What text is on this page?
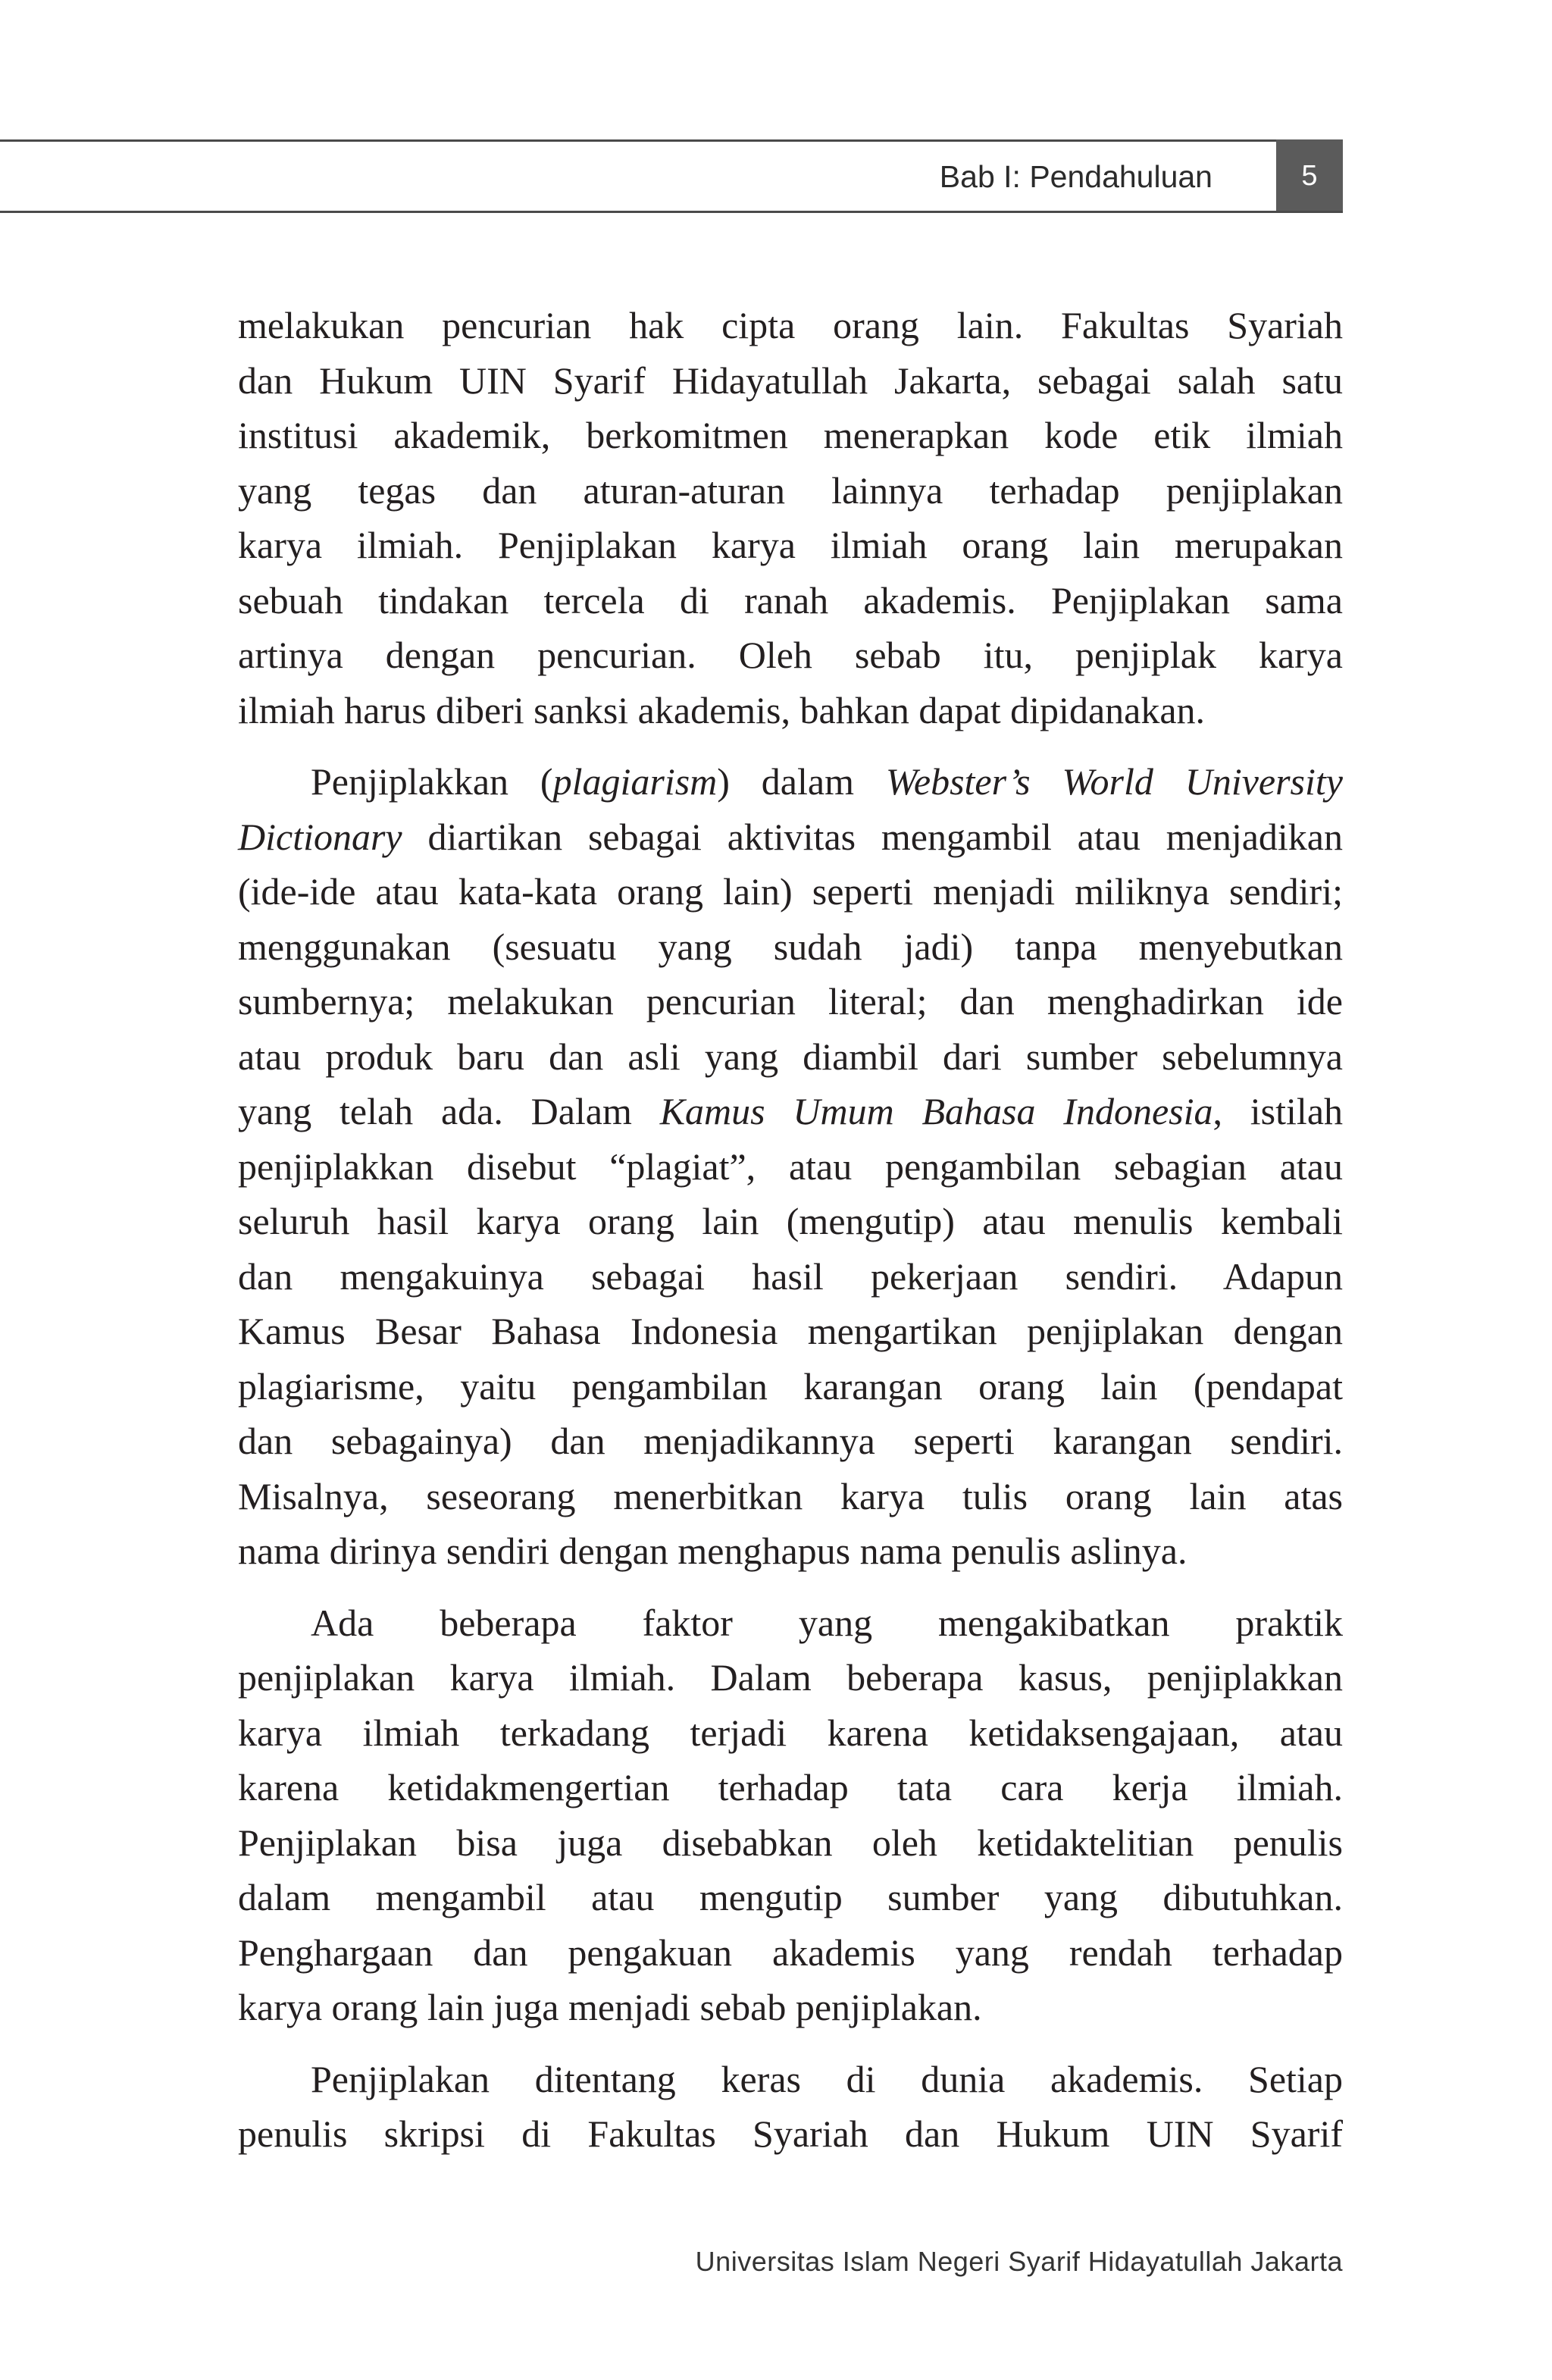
Bab I: Pendahuluan	5

melakukan pencurian hak cipta orang lain. Fakultas Syariah
dan Hukum UIN Syarif Hidayatullah Jakarta, sebagai salah satu
institusi akademik, berkomitmen menerapkan kode etik ilmiah
yang tegas dan aturan-aturan lainnya terhadap penjiplakan
karya ilmiah. Penjiplakan karya ilmiah orang lain merupakan
sebuah tindakan tercela di ranah akademis. Penjiplakan sama
artinya dengan pencurian. Oleh sebab itu, penjiplak karya
ilmiah harus diberi sanksi akademis, bahkan dapat dipidanakan.

Penjiplakkan (plagiarism) dalam Webster’s World University
Dictionary diartikan sebagai aktivitas mengambil atau menjadikan
(ide-ide atau kata-kata orang lain) seperti menjadi miliknya sendiri;
menggunakan (sesuatu yang sudah jadi) tanpa menyebutkan
sumbernya; melakukan pencurian literal; dan menghadirkan ide
atau produk baru dan asli yang diambil dari sumber sebelumnya
yang telah ada. Dalam Kamus Umum Bahasa Indonesia, istilah
penjiplakkan disebut “plagiat”, atau pengambilan sebagian atau
seluruh hasil karya orang lain (mengutip) atau menulis kembali
dan mengakuinya sebagai hasil pekerjaan sendiri. Adapun
Kamus Besar Bahasa Indonesia mengartikan penjiplakan dengan
plagiarisme, yaitu pengambilan karangan orang lain (pendapat
dan sebagainya) dan menjadikannya seperti karangan sendiri.
Misalnya, seseorang menerbitkan karya tulis orang lain atas
nama dirinya sendiri dengan menghapus nama penulis aslinya.

Ada beberapa faktor yang mengakibatkan praktik
penjiplakan karya ilmiah. Dalam beberapa kasus, penjiplakkan
karya ilmiah terkadang terjadi karena ketidaksengajaan, atau
karena ketidakmengertian terhadap tata cara kerja ilmiah.
Penjiplakan bisa juga disebabkan oleh ketidaktelitian penulis
dalam mengambil atau mengutip sumber yang dibutuhkan.
Penghargaan dan pengakuan akademis yang rendah terhadap
karya orang lain juga menjadi sebab penjiplakan.

Penjiplakan ditentang keras di dunia akademis. Setiap
penulis skripsi di Fakultas Syariah dan Hukum UIN Syarif

Universitas Islam Negeri Syarif Hidayatullah Jakarta
